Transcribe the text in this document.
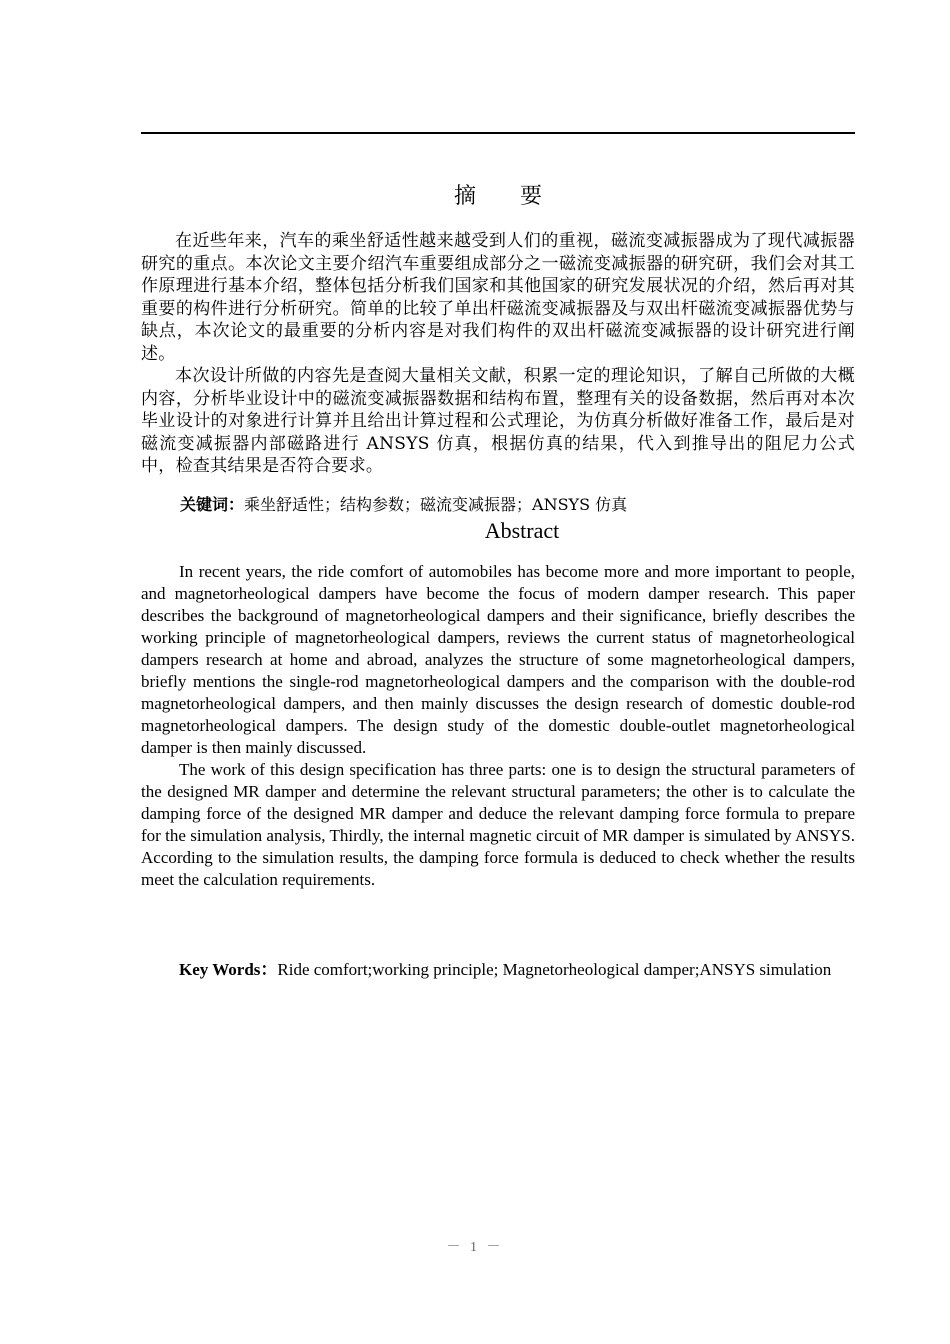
摘要

在近些年来，汽车的乘坐舒适性越来越受到人们的重视，磁流变减振器成为了现代减振器研究的重点。本次论文主要介绍汽车重要组成部分之一磁流变减振器的研究研，我们会对其工作原理进行基本介绍，整体包括分析我们国家和其他国家的研究发展状况的介绍，然后再对其重要的构件进行分析研究。简单的比较了单出杆磁流变减振器及与双出杆磁流变减振器优势与缺点，本次论文的最重要的分析内容是对我们构件的双出杆磁流变减振器的设计研究进行阐述。

本次设计所做的内容先是查阅大量相关文献，积累一定的理论知识，了解自己所做的大概内容，分析毕业设计中的磁流变减振器数据和结构布置，整理有关的设备数据，然后再对本次毕业设计的对象进行计算并且给出计算过程和公式理论，为仿真分析做好准备工作，最后是对磁流变减振器内部磁路进行 ANSYS 仿真，根据仿真的结果，代入到推导出的阻尼力公式中，检查其结果是否符合要求。

关键词：乘坐舒适性；结构参数；磁流变减振器；ANSYS 仿真
Abstract

In recent years, the ride comfort of automobiles has become more and more important to people, and magnetorheological dampers have become the focus of modern damper research. This paper describes the background of magnetorheological dampers and their significance, briefly describes the working principle of magnetorheological dampers, reviews the current status of magnetorheological dampers research at home and abroad, analyzes the structure of some magnetorheological dampers, briefly mentions the single-rod magnetorheological dampers and the comparison with the double-rod magnetorheological dampers, and then mainly discusses the design research of domestic double-rod magnetorheological dampers. The design study of the domestic double-outlet magnetorheological damper is then mainly discussed.

The work of this design specification has three parts: one is to design the structural parameters of the designed MR damper and determine the relevant structural parameters; the other is to calculate the damping force of the designed MR damper and deduce the relevant damping force formula to prepare for the simulation analysis, Thirdly, the internal magnetic circuit of MR damper is simulated by ANSYS. According to the simulation results, the damping force formula is deduced to check whether the results meet the calculation requirements.

Key Words：Ride comfort;working principle; Magnetorheological damper;ANSYS simulation
－ 1 －
